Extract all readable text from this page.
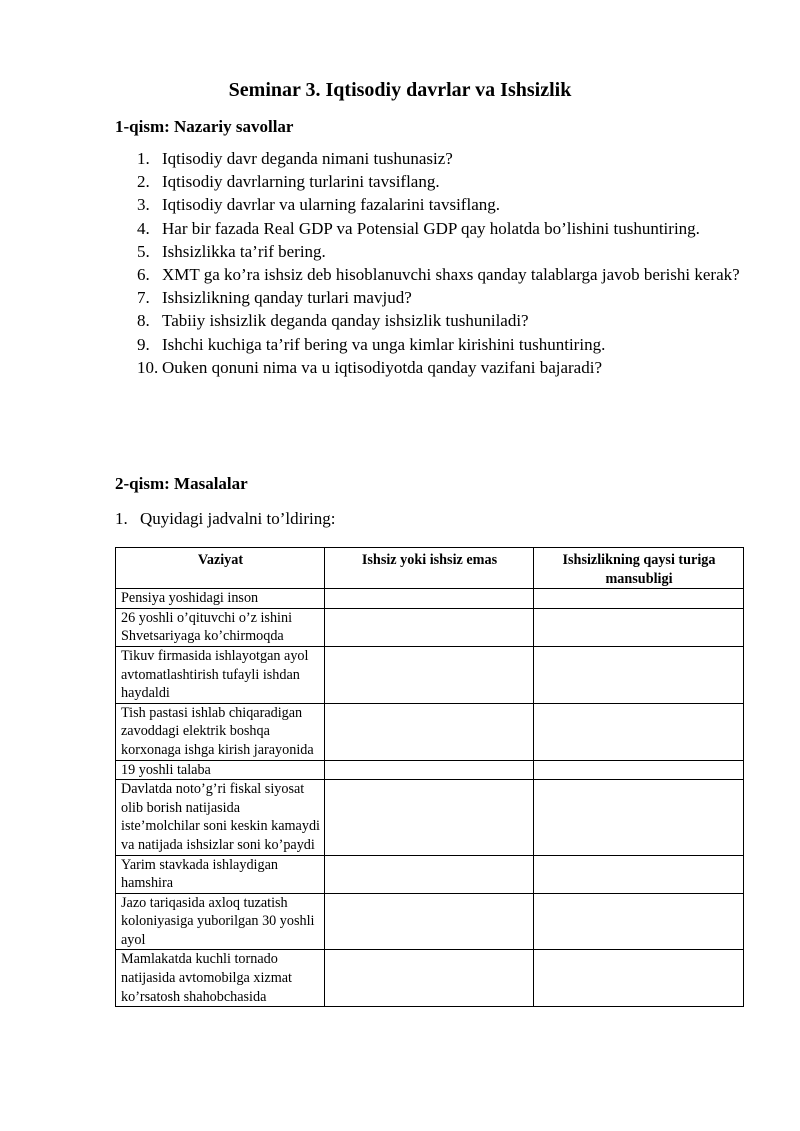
Seminar 3. Iqtisodiy davrlar va Ishsizlik
1-qism: Nazariy savollar
1. Iqtisodiy davr deganda nimani tushunasiz?
2. Iqtisodiy davrlarning turlarini tavsiflang.
3. Iqtisodiy davrlar va ularning fazalarini tavsiflang.
4. Har bir fazada Real GDP va Potensial GDP qay holatda bo’lishini tushuntiring.
5. Ishsizlikka ta’rif bering.
6. XMT ga ko’ra ishsiz deb hisoblanuvchi shaxs qanday talablarga javob berishi kerak?
7. Ishsizlikning qanday turlari mavjud?
8. Tabiiy ishsizlik deganda qanday ishsizlik tushuniladi?
9. Ishchi kuchiga ta’rif bering va unga kimlar kirishini tushuntiring.
10. Ouken qonuni nima va u iqtisodiyotda qanday vazifani bajaradi?
2-qism: Masalalar
1. Quyidagi jadvalni to’ldiring:
Vaziyat	Ishsiz yoki ishsiz emas	Ishsizlikning qaysi turiga mansubligi
Pensiya yoshidagi inson		
26 yoshli o’qituvchi o’z ishini Shvetsariyaga ko’chirmoqda		
Tikuv firmasida ishlayotgan ayol avtomatlashtirish tufayli ishdan haydaldi		
Tish pastasi ishlab chiqaradigan zavoddagi elektrik boshqa korxonaga ishga kirish jarayonida		
19 yoshli talaba		
Davlatda noto’g’ri fiskal siyosat olib borish natijasida iste’molchilar soni keskin kamaydi va natijada ishsizlar soni ko’paydi		
Yarim stavkada ishlaydigan hamshira		
Jazo tariqasida axloq tuzatish koloniyasiga yuborilgan 30 yoshli ayol		
Mamlakatda kuchli tornado natijasida avtomobilga xizmat ko’rsatosh shahobchasida		
